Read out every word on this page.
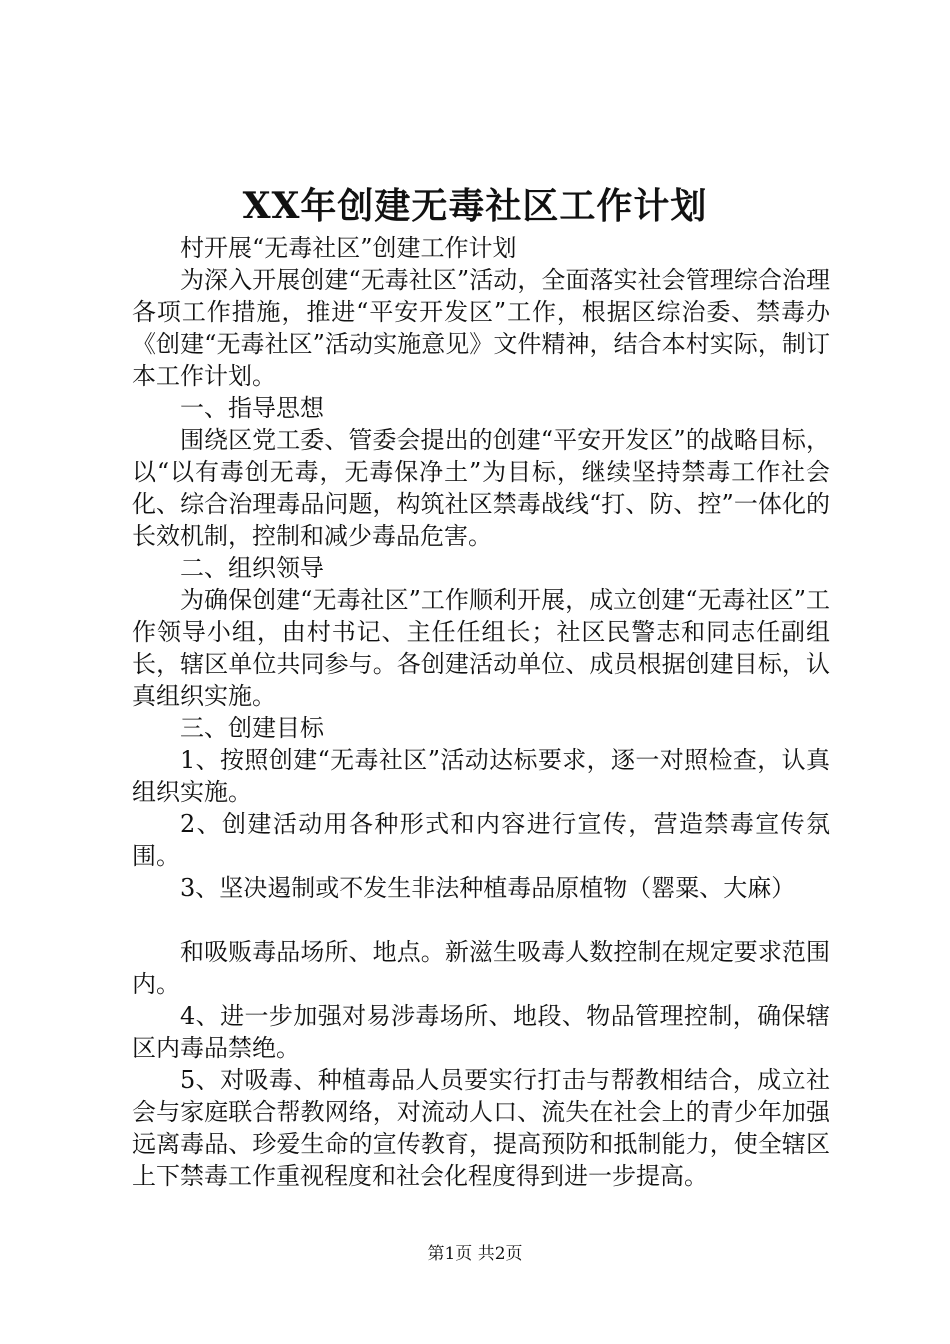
XX年创建无毒社区工作计划

村开展“无毒社区”创建工作计划

为深入开展创建“无毒社区”活动，全面落实社会管理综合治理各项工作措施，推进“平安开发区”工作，根据区综治委、禁毒办《创建“无毒社区”活动实施意见》文件精神，结合本村实际，制订本工作计划。

一、指导思想

围绕区党工委、管委会提出的创建“平安开发区”的战略目标，以“以有毒创无毒，无毒保净土”为目标，继续坚持禁毒工作社会化、综合治理毒品问题，构筑社区禁毒战线“打、防、控”一体化的长效机制，控制和减少毒品危害。

二、组织领导

为确保创建“无毒社区”工作顺利开展，成立创建“无毒社区”工作领导小组，由村书记、主任任组长；社区民警志和同志任副组长，辖区单位共同参与。各创建活动单位、成员根据创建目标，认真组织实施。

三、创建目标

1、按照创建“无毒社区”活动达标要求，逐一对照检查，认真组织实施。

2、创建活动用各种形式和内容进行宣传，营造禁毒宣传氛围。

3、坚决遏制或不发生非法种植毒品原植物（罂粟、大麻）

和吸贩毒品场所、地点。新滋生吸毒人数控制在规定要求范围内。

4、进一步加强对易涉毒场所、地段、物品管理控制，确保辖区内毒品禁绝。

5、对吸毒、种植毒品人员要实行打击与帮教相结合，成立社会与家庭联合帮教网络，对流动人口、流失在社会上的青少年加强远离毒品、珍爱生命的宣传教育，提高预防和抵制能力，使全辖区上下禁毒工作重视程度和社会化程度得到进一步提高。

第1页 共2页
